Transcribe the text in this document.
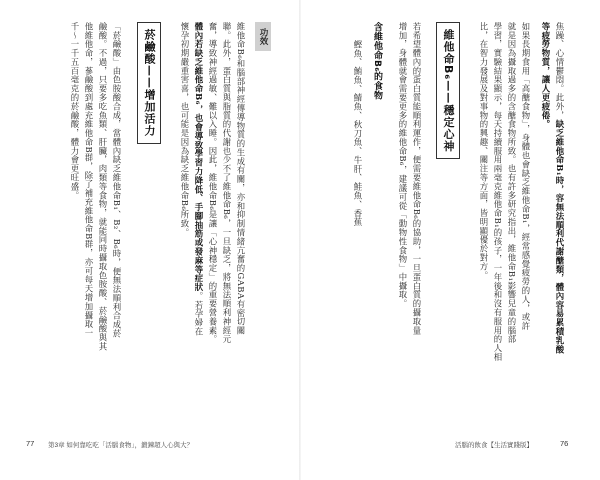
焦躁、心情鬱悶。此外，缺乏維他命B₁時，容無法順利代謝醣類，體內容易累積乳酸
等疲勞物質，讓人更疲倦。
如果長期食用「高醣食物」，身體也會缺乏維他命B₁，經常感覺疲勞的人，或許
就是因為攝取過多的含醣食物所致。也有許多研究指出，維他命B₁影響兒童的腦部
學習，實驗結果顯示，每天持續服用兩毫克維他命B₁的孩子，一年後和沒有服用的人相
比，在智力發展及對事物的興趣、關注等方面，皆明顯優於對方。
維他命B₆——穩定心神
若希望體內的蛋白質能順利運作，便需要維他命B₆的協助，一旦蛋白質的攝取量
增加，身體就會需要更多的維他命B₆，建議可從「動物性食物」中攝取。
含維他命B₆的食物
鰹魚、鮪魚、鯖魚、秋刀魚、牛肝、鮭魚、香蕉
活腦的飲食【生活實踐版】	76
功效
維他命B₆和腦部神經傳導物質的生成有關，亦和抑制情緒亢奮的GABA有密切關
聯。此外，蛋白質與脂質的代謝也少不了維他命B₆，一旦缺乏，將無法順利神經元
奮，導致神經過敏、難以入睡。因此，維他命B₆是讓「心神穩定」的重要營養素。
體內若缺乏維他命B₆，也會導致學習力降低、手腳抽筋或發麻等症狀。若孕婦在
懷孕初期嚴重害喜，也可能是因為缺乏維他命B₆所致。
菸鹼酸——增加活力
「菸鹼酸」由色胺酸合成，當體內缺乏維他命B₁、B₂、B₆時，便無法順利合成菸
鹼酸。不過，只要多吃魚類、肝臟，肉類等食物，就能同時攝取色胺酸、菸鹼酸與其
他維他命，蔘鹼酸到處充維他命B群，除了補充維他命B群，亦可每天增加攝取一
千～一千五百毫克的菸鹼酸，體力會更旺盛。
77 第3章 如何靠吃吃「活腦食物」，鍛鍊超人心與大？
